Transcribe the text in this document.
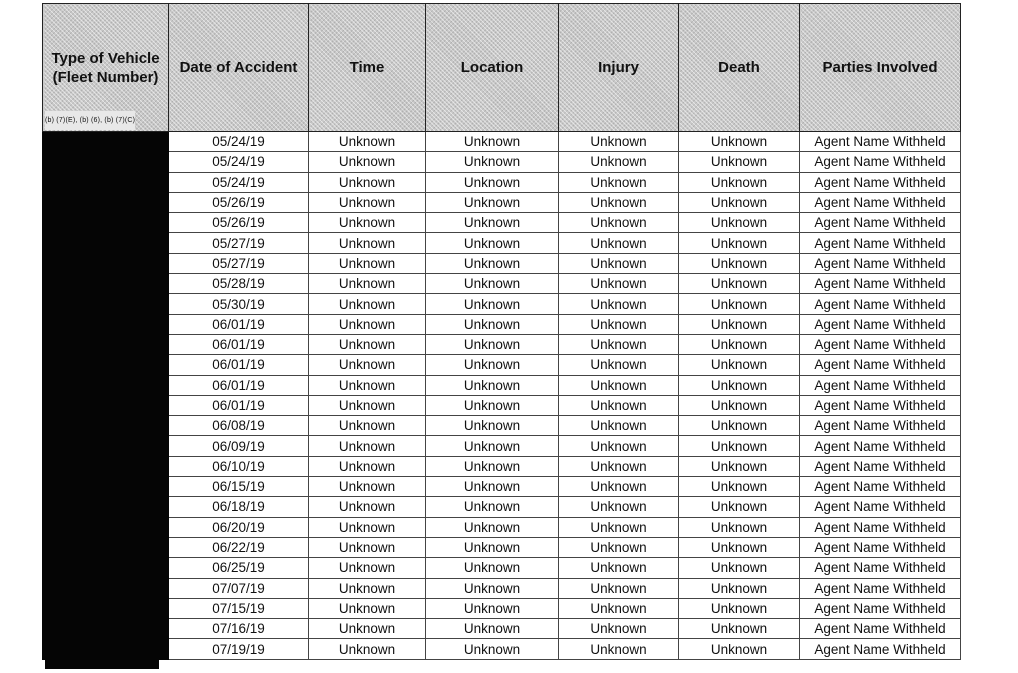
Type of Vehicle
(Fleet Number)
(b) (7)(E), (b) (6), (b) (7)(C)	Date of Accident	Time	Location	Injury	Death	Parties Involved
	05/24/19	Unknown	Unknown	Unknown	Unknown	Agent Name Withheld
	05/24/19	Unknown	Unknown	Unknown	Unknown	Agent Name Withheld
	05/24/19	Unknown	Unknown	Unknown	Unknown	Agent Name Withheld
	05/26/19	Unknown	Unknown	Unknown	Unknown	Agent Name Withheld
	05/26/19	Unknown	Unknown	Unknown	Unknown	Agent Name Withheld
	05/27/19	Unknown	Unknown	Unknown	Unknown	Agent Name Withheld
	05/27/19	Unknown	Unknown	Unknown	Unknown	Agent Name Withheld
	05/28/19	Unknown	Unknown	Unknown	Unknown	Agent Name Withheld
	05/30/19	Unknown	Unknown	Unknown	Unknown	Agent Name Withheld
	06/01/19	Unknown	Unknown	Unknown	Unknown	Agent Name Withheld
	06/01/19	Unknown	Unknown	Unknown	Unknown	Agent Name Withheld
	06/01/19	Unknown	Unknown	Unknown	Unknown	Agent Name Withheld
	06/01/19	Unknown	Unknown	Unknown	Unknown	Agent Name Withheld
	06/01/19	Unknown	Unknown	Unknown	Unknown	Agent Name Withheld
	06/08/19	Unknown	Unknown	Unknown	Unknown	Agent Name Withheld
	06/09/19	Unknown	Unknown	Unknown	Unknown	Agent Name Withheld
	06/10/19	Unknown	Unknown	Unknown	Unknown	Agent Name Withheld
	06/15/19	Unknown	Unknown	Unknown	Unknown	Agent Name Withheld
	06/18/19	Unknown	Unknown	Unknown	Unknown	Agent Name Withheld
	06/20/19	Unknown	Unknown	Unknown	Unknown	Agent Name Withheld
	06/22/19	Unknown	Unknown	Unknown	Unknown	Agent Name Withheld
	06/25/19	Unknown	Unknown	Unknown	Unknown	Agent Name Withheld
	07/07/19	Unknown	Unknown	Unknown	Unknown	Agent Name Withheld
	07/15/19	Unknown	Unknown	Unknown	Unknown	Agent Name Withheld
	07/16/19	Unknown	Unknown	Unknown	Unknown	Agent Name Withheld
	07/19/19	Unknown	Unknown	Unknown	Unknown	Agent Name Withheld
